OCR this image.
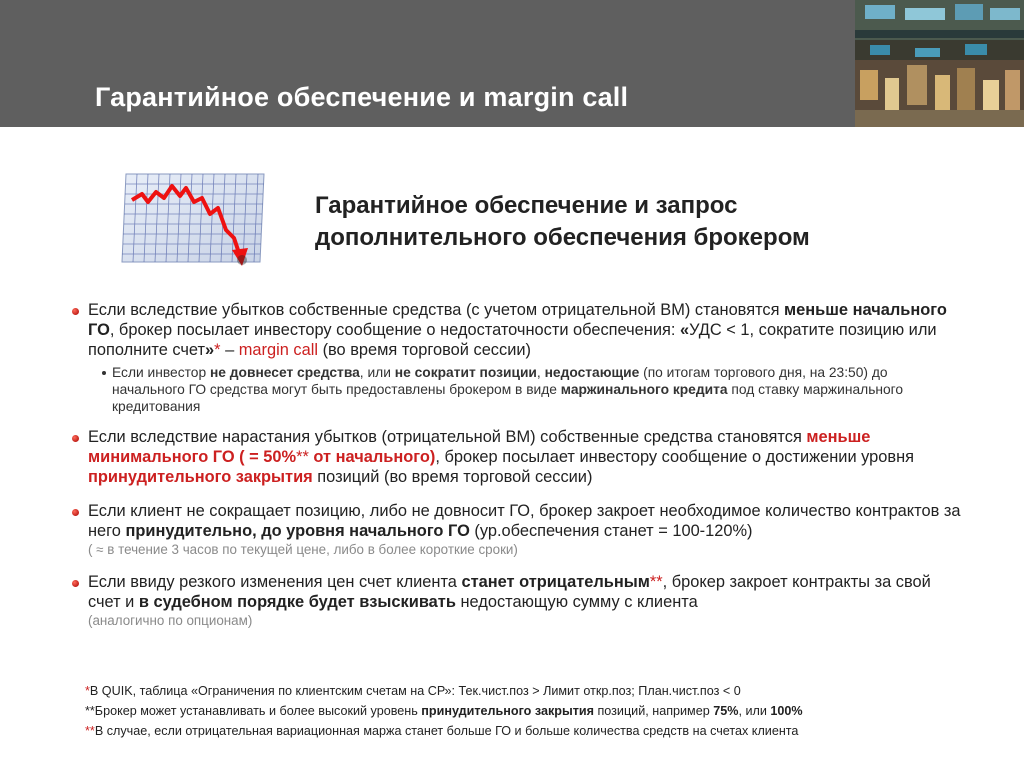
Гарантийное обеспечение и margin call
Гарантийное обеспечение и запрос
дополнительного обеспечения брокером
Если вследствие убытков собственные средства (с учетом отрицательной ВМ) становятся меньше начального ГО, брокер посылает инвестору сообщение о недостаточности обеспечения: «УДС < 1, сократите позицию или пополните счет»* – margin call (во время торговой сессии)
Если инвестор не довнесет средства, или не сократит позиции, недостающие (по итогам торгового дня, на 23:50) до начального ГО средства могут быть предоставлены брокером в виде маржинального кредита под ставку маржинального кредитования
Если вследствие нарастания убытков (отрицательной ВМ) собственные средства становятся меньше минимального ГО ( = 50%** от начального), брокер посылает инвестору сообщение о достижении уровня принудительного закрытия позиций (во время торговой сессии)
Если клиент не сокращает позицию, либо не довносит ГО, брокер закроет необходимое количество контрактов за него принудительно, до уровня начального ГО (ур.обеспечения станет = 100-120%)
( ≈ в течение 3 часов по текущей цене, либо в более короткие сроки)
Если ввиду резкого изменения цен счет клиента станет отрицательным**, брокер закроет контракты за свой счет и в судебном порядке будет взыскивать недостающую сумму с клиента
(аналогично по опционам)
*В QUIK, таблица «Ограничения по клиентским счетам на СР»: Тек.чист.поз > Лимит откр.поз; План.чист.поз < 0
**Брокер может устанавливать и более высокий уровень принудительного закрытия позиций, например 75%, или 100%
**В случае, если отрицательная вариационная маржа станет больше ГО и больше количества средств на счетах клиента
